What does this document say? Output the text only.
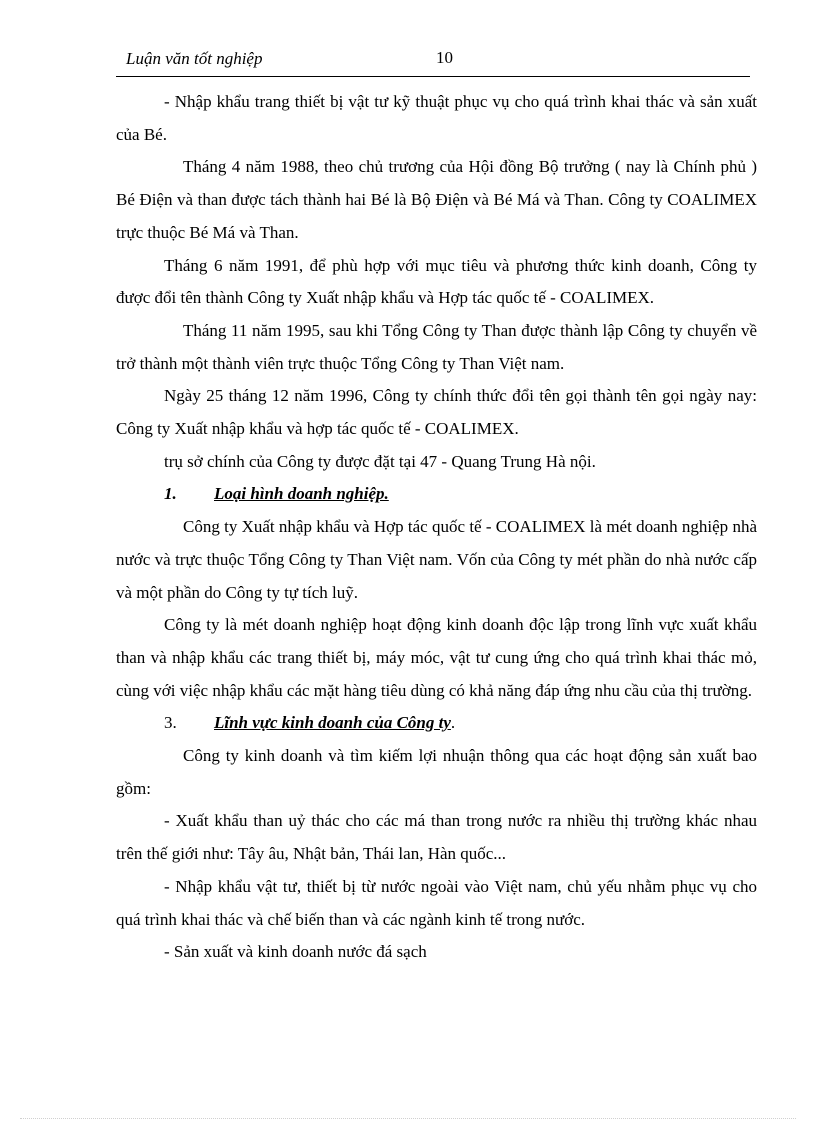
Luận văn tốt nghiệp	10

- Nhập khẩu trang thiết bị vật tư kỹ thuật phục vụ cho quá trình khai thác và sản xuất của Bé.

Tháng 4 năm 1988, theo chủ trương của Hội đồng Bộ trưởng ( nay là Chính phủ ) Bé Điện và than được tách thành hai Bé là Bộ Điện và Bé Má và Than. Công ty COALIMEX trực thuộc Bé Má và Than.

Tháng 6 năm 1991, để phù hợp với mục tiêu và phương thức kinh doanh, Công ty được đổi tên thành Công ty Xuất nhập khẩu và Hợp tác quốc tế - COALIMEX.

Tháng 11 năm 1995, sau khi Tổng Công ty Than được thành lập Công ty chuyển về trở thành một thành viên trực thuộc Tổng Công ty Than Việt nam.

Ngày 25 tháng 12 năm 1996, Công ty chính thức đổi tên gọi thành tên gọi ngày nay: Công ty Xuất nhập khẩu và hợp tác quốc tế - COALIMEX.

trụ sở chính của Công ty được đặt tại 47 - Quang Trung Hà nội.

1. Loại hình doanh nghiệp.

Công ty Xuất nhập khẩu và Hợp tác quốc tế - COALIMEX là mét doanh nghiệp nhà nước và trực thuộc Tổng Công ty Than Việt nam. Vốn của Công ty mét phần do nhà nước cấp và một phần do Công ty tự tích luỹ.

Công ty là mét doanh nghiệp hoạt động kinh doanh độc lập trong lĩnh vực xuất khẩu than và nhập khẩu các trang thiết bị, máy móc, vật tư cung ứng cho quá trình khai thác mỏ, cùng với việc nhập khẩu các mặt hàng tiêu dùng có khả năng đáp ứng nhu cầu của thị trường.

3. Lĩnh vực kinh doanh của Công ty.

Công ty kinh doanh và tìm kiếm lợi nhuận thông qua các hoạt động sản xuất bao gồm:

- Xuất khẩu than uỷ thác cho các má than trong nước ra nhiều thị trường khác nhau trên thế giới như: Tây âu, Nhật bản, Thái lan, Hàn quốc...

- Nhập khẩu vật tư, thiết bị từ nước ngoài vào Việt nam, chủ yếu nhằm phục vụ cho quá trình khai thác và chế biến than và các ngành kinh tế trong nước.

- Sản xuất và kinh doanh nước đá sạch
